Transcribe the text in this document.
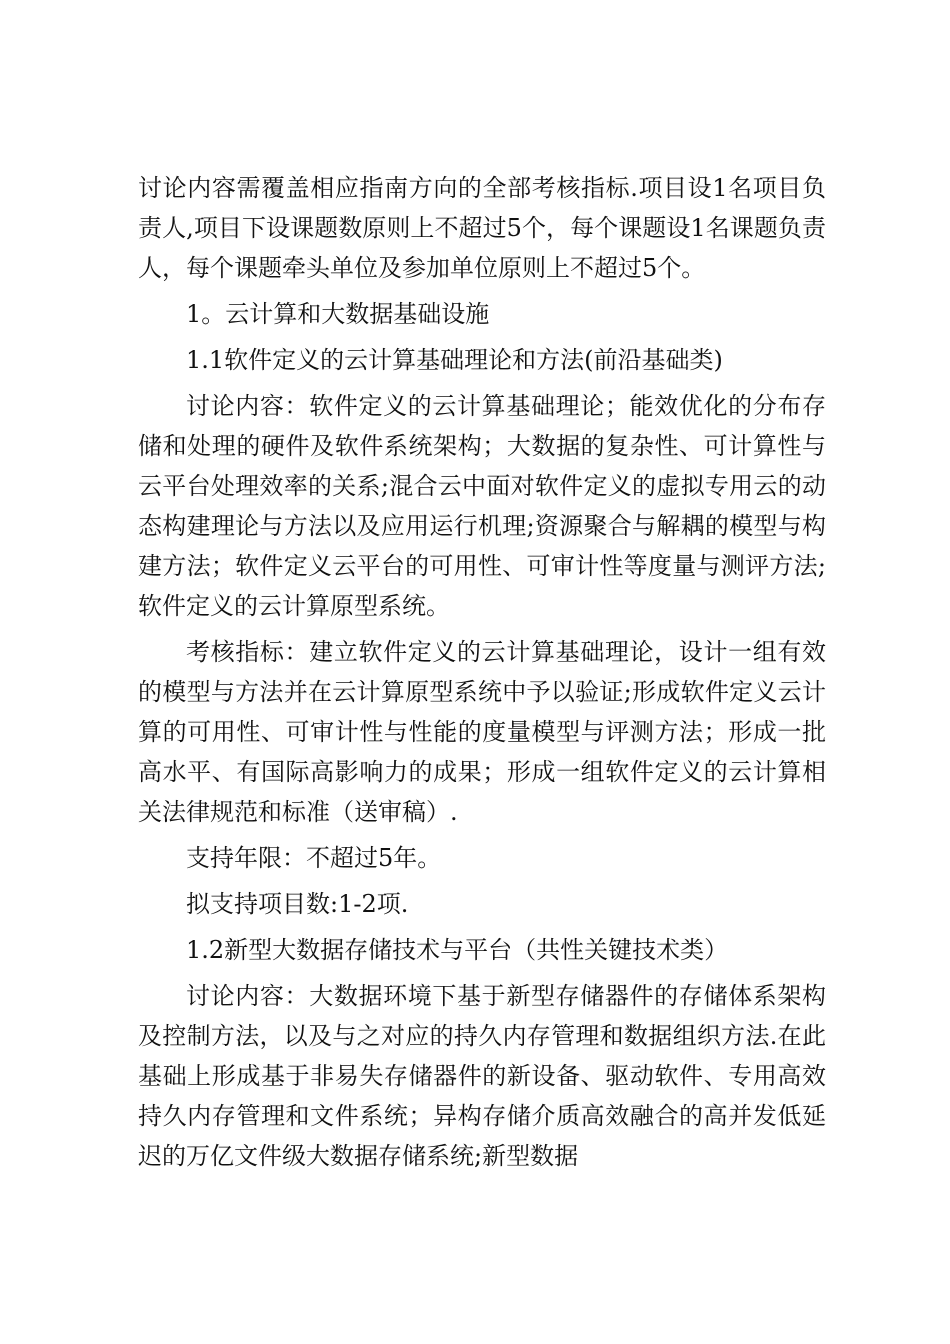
讨论内容需覆盖相应指南方向的全部考核指标.项目设1名项目负责人,项目下设课题数原则上不超过5个，每个课题设1名课题负责人，每个课题牵头单位及参加单位原则上不超过5个。

1。云计算和大数据基础设施

1.1软件定义的云计算基础理论和方法(前沿基础类)

讨论内容：软件定义的云计算基础理论；能效优化的分布存储和处理的硬件及软件系统架构；大数据的复杂性、可计算性与云平台处理效率的关系;混合云中面对软件定义的虚拟专用云的动态构建理论与方法以及应用运行机理;资源聚合与解耦的模型与构建方法；软件定义云平台的可用性、可审计性等度量与测评方法;软件定义的云计算原型系统。

考核指标：建立软件定义的云计算基础理论，设计一组有效的模型与方法并在云计算原型系统中予以验证;形成软件定义云计算的可用性、可审计性与性能的度量模型与评测方法；形成一批高水平、有国际高影响力的成果；形成一组软件定义的云计算相关法律规范和标准（送审稿）.

支持年限：不超过5年。

拟支持项目数:1-2项.

1.2新型大数据存储技术与平台（共性关键技术类）

讨论内容：大数据环境下基于新型存储器件的存储体系架构及控制方法，以及与之对应的持久内存管理和数据组织方法.在此基础上形成基于非易失存储器件的新设备、驱动软件、专用高效持久内存管理和文件系统；异构存储介质高效融合的高并发低延迟的万亿文件级大数据存储系统;新型数据
